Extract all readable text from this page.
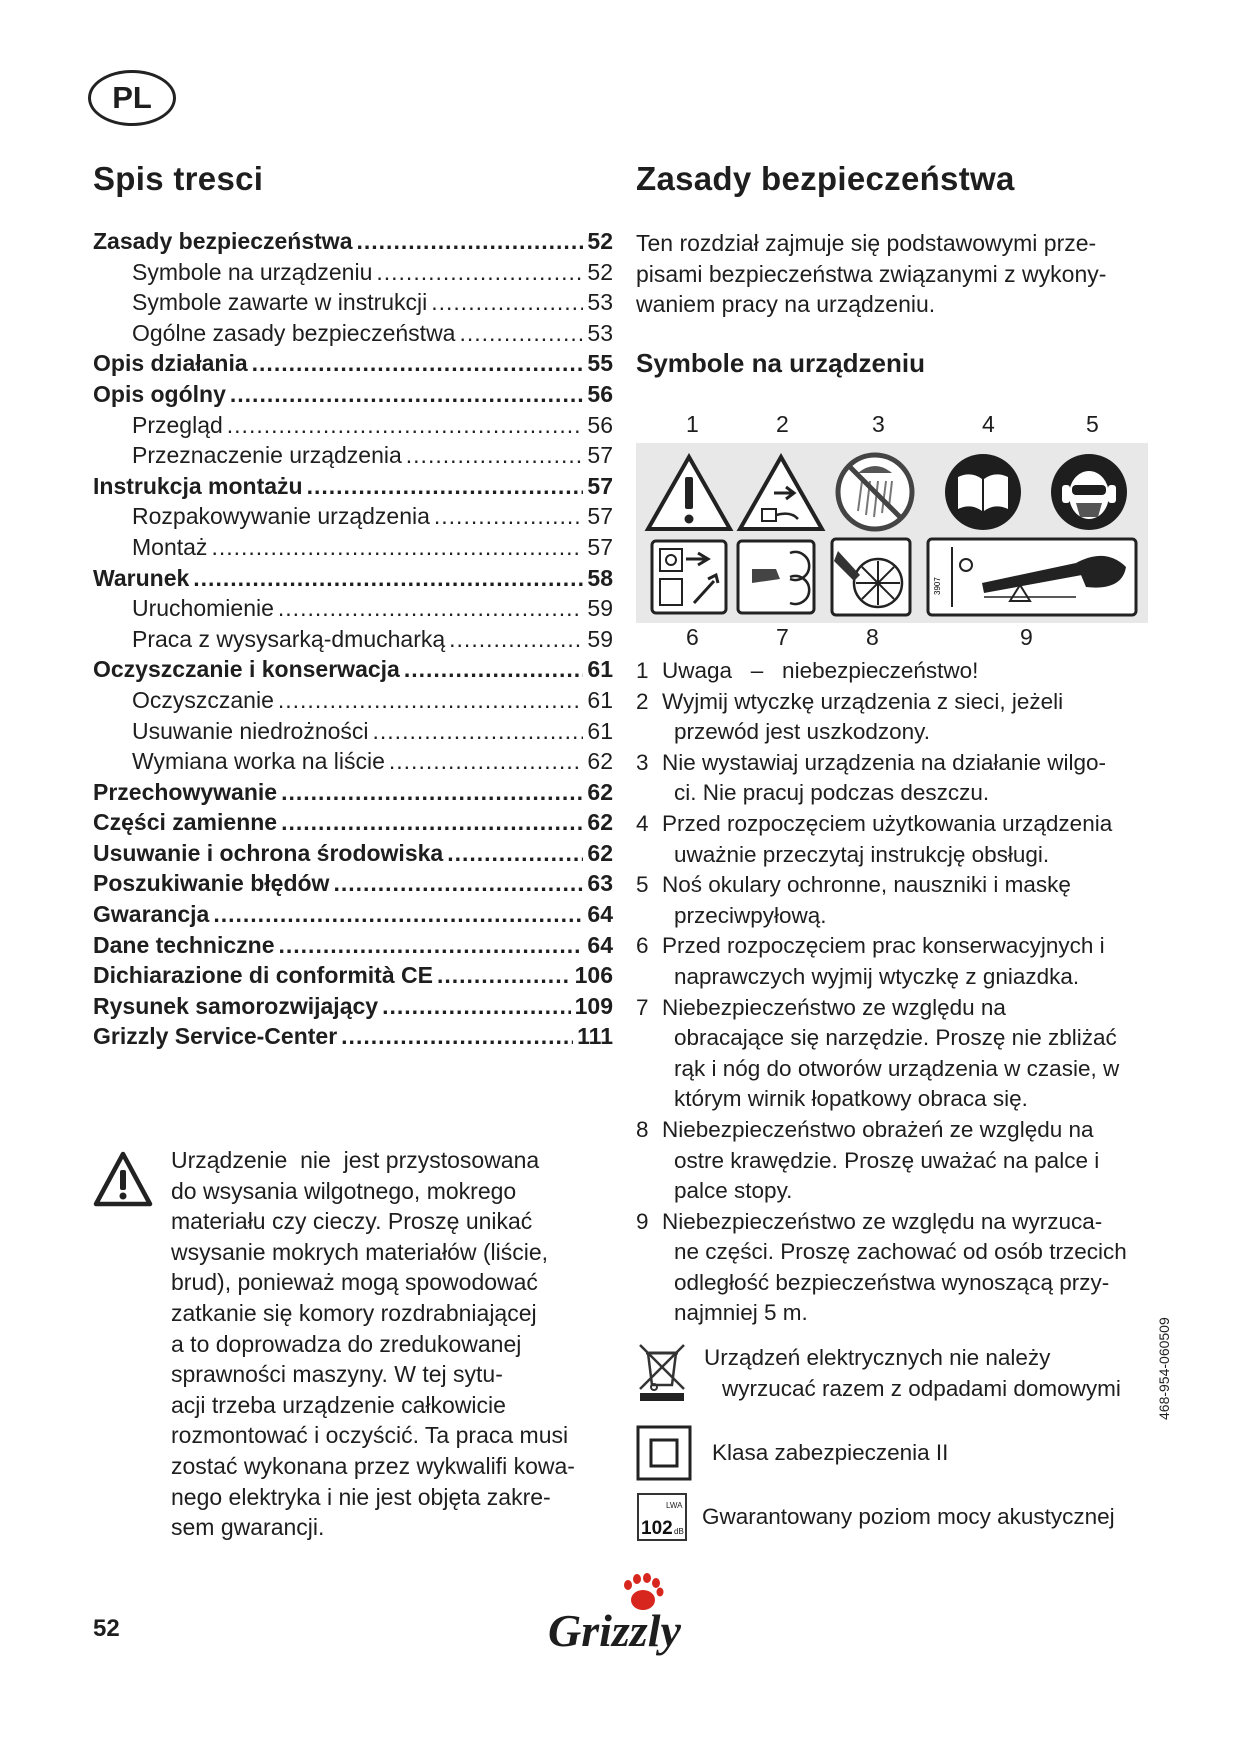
PL
Spis tresci
Zasady bezpieczeństwa .....	52
Symbole na urządzeniu .....	52
Symbole zawarte w instrukcji .....	53
Ogólne zasady bezpieczeństwa .....	53
Opis działania .....	55
Opis ogólny .....	56
Przegląd .....	56
Przeznaczenie urządzenia .....	57
Instrukcja montażu .....	57
Rozpakowywanie urządzenia .....	57
Montaż .....	57
Warunek .....	58
Uruchomienie .....	59
Praca z wysysarką-dmucharką .....	59
Oczyszczanie i konserwacja .....	61
Oczyszczanie .....	61
Usuwanie niedrożności .....	61
Wymiana worka na liście .....	62
Przechowywanie .....	62
Części zamienne .....	62
Usuwanie i ochrona środowiska .....	62
Poszukiwanie błędów .....	63
Gwarancja .....	64
Dane techniczne .....	64
Dichiarazione di conformità CE .....	106
Rysunek samorozwijający .....	109
Grizzly Service-Center .....	111
Urządzenie  nie  jest przystosowana
do wsysania wilgotnego, mokrego
materiału czy cieczy. Proszę unikać
wsysanie mokrych materiałów (liście,
brud), ponieważ mogą spowodować
zatkanie się komory rozdrabniającej
a to doprowadza do zredukowanej
sprawności maszyny. W tej sytu-
acji trzeba urządzenie całkowicie
rozmontować i oczyścić. Ta praca musi
zostać wykonana przez wykwalifi kowa-
nego elektryka i nie jest objęta zakre-
sem gwarancji.
Zasady bezpieczeństwa
Ten rozdział zajmuje się podstawowymi prze-
pisami bezpieczeństwa związanymi z wykony-
waniem pracy na urządzeniu.
Symbole na urządzeniu
1	2	3	4	5
3907
6	7	8	9
1 Uwaga   –   niebezpieczeństwo!
2 Wyjmij wtyczkę urządzenia z sieci, jeżeli
przewód jest uszkodzony.
3 Nie wystawiaj urządzenia na działanie wilgo-
ci. Nie pracuj podczas deszczu.
4 Przed rozpoczęciem użytkowania urządzenia
uważnie przeczytaj instrukcję obsługi.
5 Noś okulary ochronne, nauszniki i maskę
przeciwpyłową.
6 Przed rozpoczęciem prac konserwacyjnych i
naprawczych wyjmij wtyczkę z gniazdka.
7 Niebezpieczeństwo ze względu na
obracające się narzędzie. Proszę nie zbliżać
rąk i nóg do otworów urządzenia w czasie, w
którym wirnik łopatkowy obraca się.
8 Niebezpieczeństwo obrażeń ze względu na
ostre krawędzie. Proszę uważać na palce i
palce stopy.
9 Niebezpieczeństwo ze względu na wyrzuca-
ne części. Proszę zachować od osób trzecich
odległość bezpieczeństwa wynoszącą przy-
najmniej 5 m.
Urządzeń elektrycznych nie należy
wyrzucać razem z odpadami domowymi
Klasa zabezpieczenia II
LWA
102 dB
Gwarantowany poziom mocy akustycznej
52
468-954-060509
Grizzly
